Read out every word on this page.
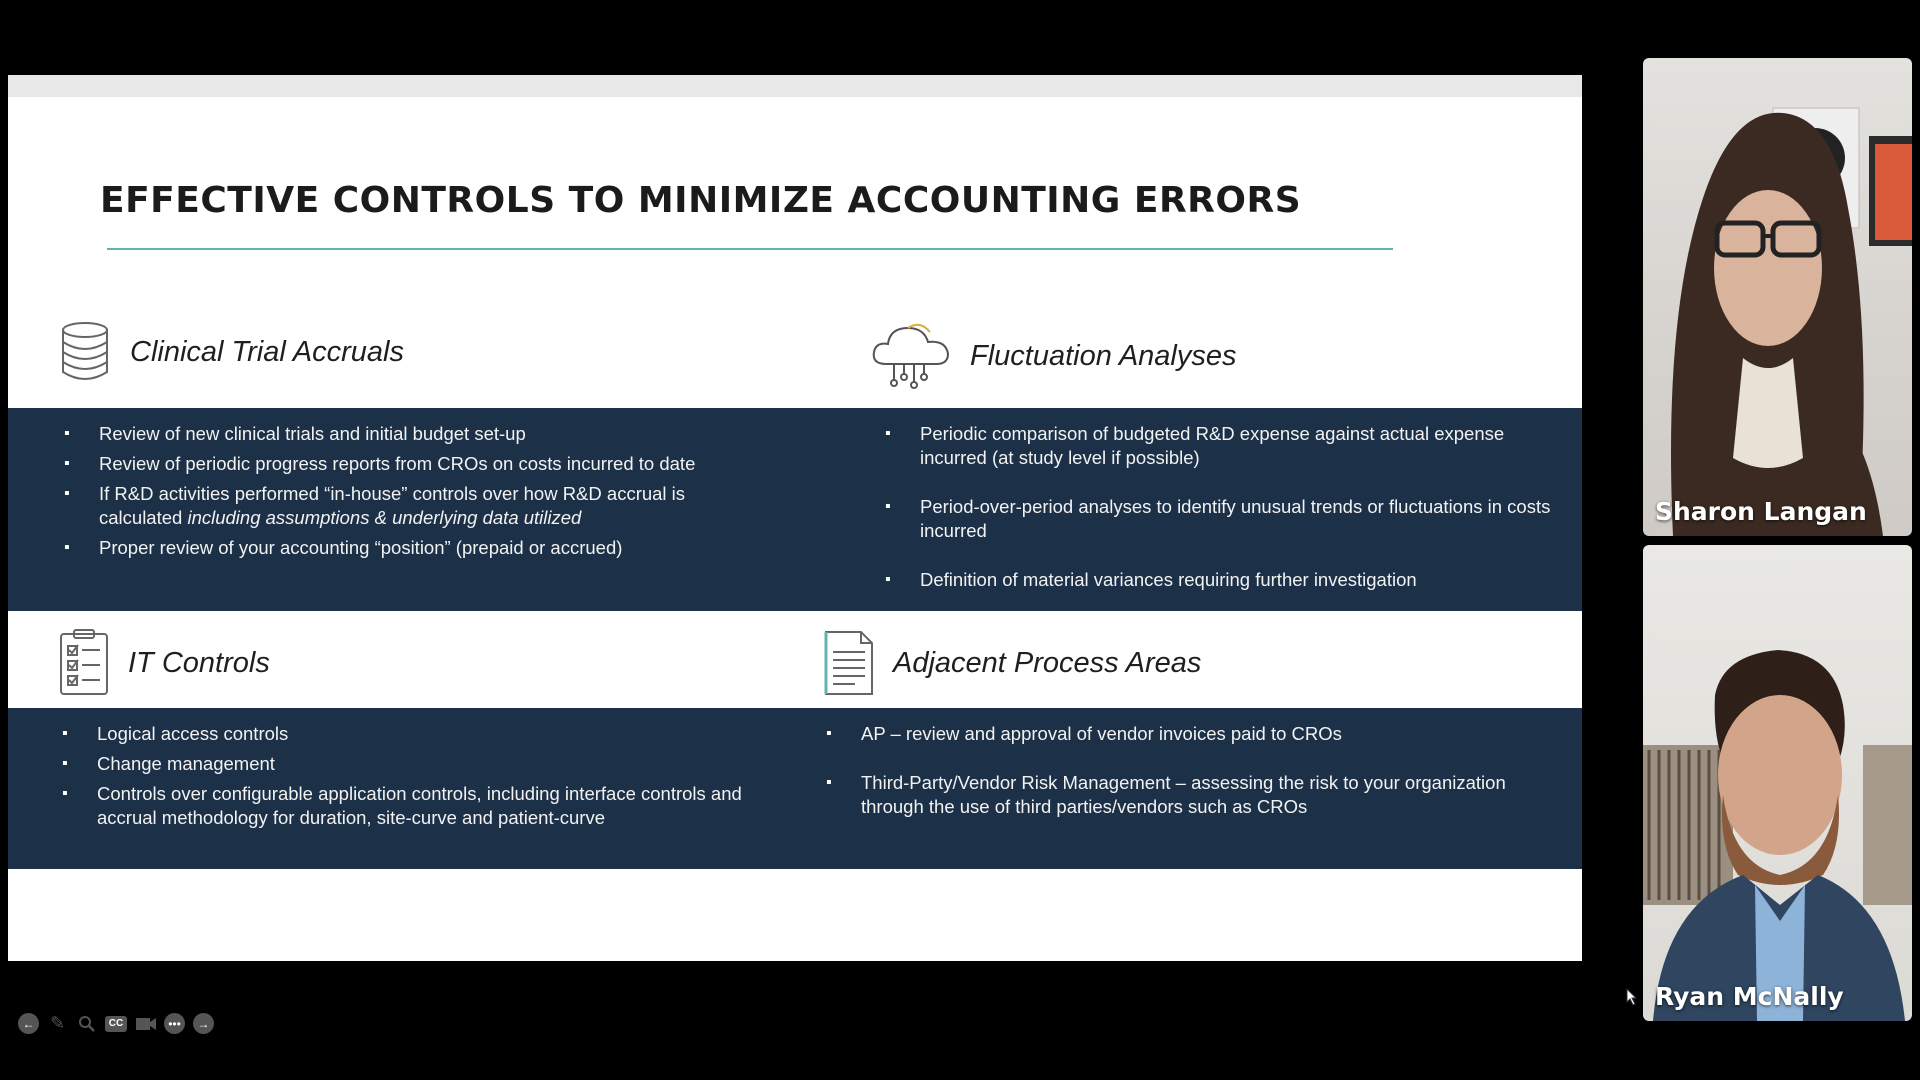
EFFECTIVE CONTROLS TO MINIMIZE ACCOUNTING ERRORS
Clinical Trial Accruals	Fluctuation Analyses
▪ Review of new clinical trials and initial budget set-up
▪ Review of periodic progress reports from CROs on costs incurred to date
▪ If R&D activities performed “in-house” controls over how R&D accrual is calculated including assumptions & underlying data utilized
▪ Proper review of your accounting “position” (prepaid or accrued)
▪ Periodic comparison of budgeted R&D expense against actual expense incurred (at study level if possible)
▪ Period-over-period analyses to identify unusual trends or fluctuations in costs incurred
▪ Definition of material variances requiring further investigation
IT Controls	Adjacent Process Areas
▪ Logical access controls
▪ Change management
▪ Controls over configurable application controls, including interface controls and accrual methodology for duration, site-curve and patient-curve
▪ AP – review and approval of vendor invoices paid to CROs
▪ Third-Party/Vendor Risk Management – assessing the risk to your organization through the use of third parties/vendors such as CROs
← ✎	CC	•••	→
Sharon Langan
Ryan McNally
